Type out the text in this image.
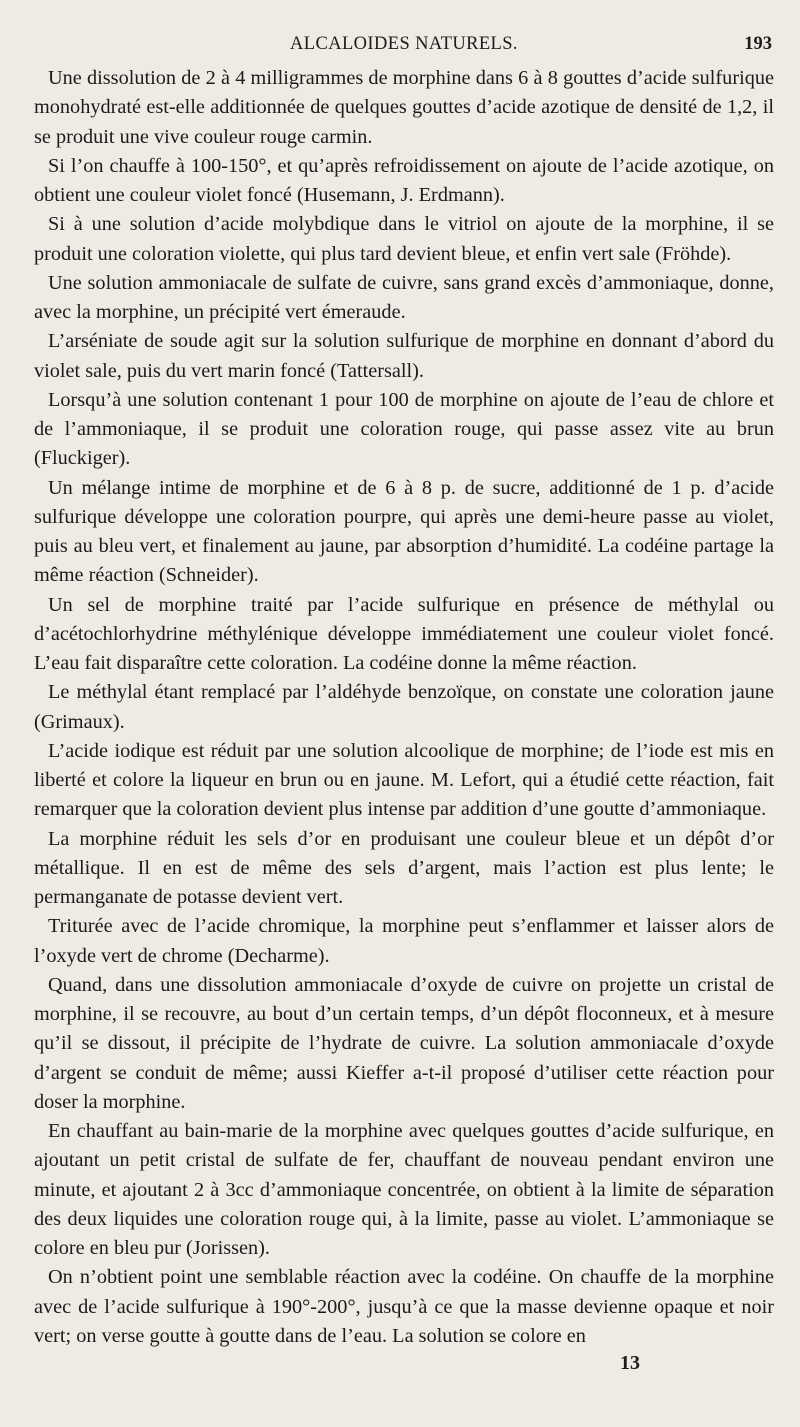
ALCALOIDES NATURELS.	193

Une dissolution de 2 à 4 milligrammes de morphine dans 6 à 8 gouttes d’acide sulfurique monohydraté est-elle additionnée de quelques gouttes d’acide azotique de densité de 1,2, il se produit une vive couleur rouge carmin.

Si l’on chauffe à 100-150°, et qu’après refroidissement on ajoute de l’acide azotique, on obtient une couleur violet foncé (Husemann, J. Erdmann).

Si à une solution d’acide molybdique dans le vitriol on ajoute de la morphine, il se produit une coloration violette, qui plus tard devient bleue, et enfin vert sale (Fröhde).

Une solution ammoniacale de sulfate de cuivre, sans grand excès d’ammoniaque, donne, avec la morphine, un précipité vert émeraude.

L’arséniate de soude agit sur la solution sulfurique de morphine en donnant d’abord du violet sale, puis du vert marin foncé (Tattersall).

Lorsqu’à une solution contenant 1 pour 100 de morphine on ajoute de l’eau de chlore et de l’ammoniaque, il se produit une coloration rouge, qui passe assez vite au brun (Fluckiger).

Un mélange intime de morphine et de 6 à 8 p. de sucre, additionné de 1 p. d’acide sulfurique développe une coloration pourpre, qui après une demi-heure passe au violet, puis au bleu vert, et finalement au jaune, par absorption d’humidité. La codéine partage la même réaction (Schneider).

Un sel de morphine traité par l’acide sulfurique en présence de méthylal ou d’acétochlorhydrine méthylénique développe immédiatement une couleur violet foncé. L’eau fait disparaître cette coloration. La codéine donne la même réaction.

Le méthylal étant remplacé par l’aldéhyde benzoïque, on constate une coloration jaune (Grimaux).

L’acide iodique est réduit par une solution alcoolique de morphine; de l’iode est mis en liberté et colore la liqueur en brun ou en jaune. M. Lefort, qui a étudié cette réaction, fait remarquer que la coloration devient plus intense par addition d’une goutte d’ammoniaque.

La morphine réduit les sels d’or en produisant une couleur bleue et un dépôt d’or métallique. Il en est de même des sels d’argent, mais l’action est plus lente; le permanganate de potasse devient vert.

Triturée avec de l’acide chromique, la morphine peut s’enflammer et laisser alors de l’oxyde vert de chrome (Decharme).

Quand, dans une dissolution ammoniacale d’oxyde de cuivre on projette un cristal de morphine, il se recouvre, au bout d’un certain temps, d’un dépôt floconneux, et à mesure qu’il se dissout, il précipite de l’hydrate de cuivre. La solution ammoniacale d’oxyde d’argent se conduit de même; aussi Kieffer a-t-il proposé d’utiliser cette réaction pour doser la morphine.

En chauffant au bain-marie de la morphine avec quelques gouttes d’acide sulfurique, en ajoutant un petit cristal de sulfate de fer, chauffant de nouveau pendant environ une minute, et ajoutant 2 à 3cc d’ammoniaque concentrée, on obtient à la limite de séparation des deux liquides une coloration rouge qui, à la limite, passe au violet. L’ammoniaque se colore en bleu pur (Jorissen).

On n’obtient point une semblable réaction avec la codéine. On chauffe de la morphine avec de l’acide sulfurique à 190°-200°, jusqu’à ce que la masse devienne opaque et noir vert; on verse goutte à goutte dans de l’eau. La solution se colore en

13
